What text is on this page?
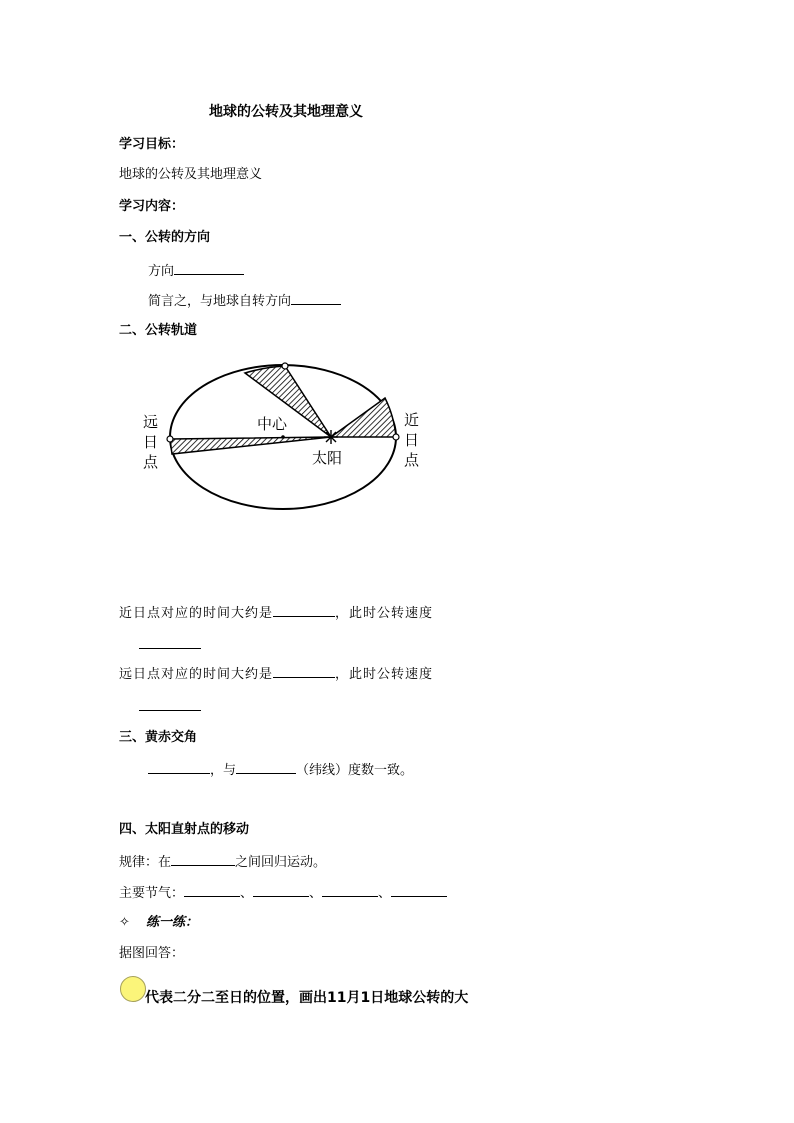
地球的公转及其地理意义
学习目标：
地球的公转及其地理意义
学习内容：
一、公转的方向
方向
简言之，与地球自转方向
二、公转轨道
远
日
点
近
日
点
中心
太阳
近日点对应的时间大约是	，此时公转速度
远日点对应的时间大约是	，此时公转速度
三、黄赤交角
，与	（纬线）度数一致。
四、太阳直射点的移动
规律：在	之间回归运动。
主要节气：	、	、	、
✧ 练一练：
据图回答：
代表二分二至日的位置，画出11月1日地球公转的大
